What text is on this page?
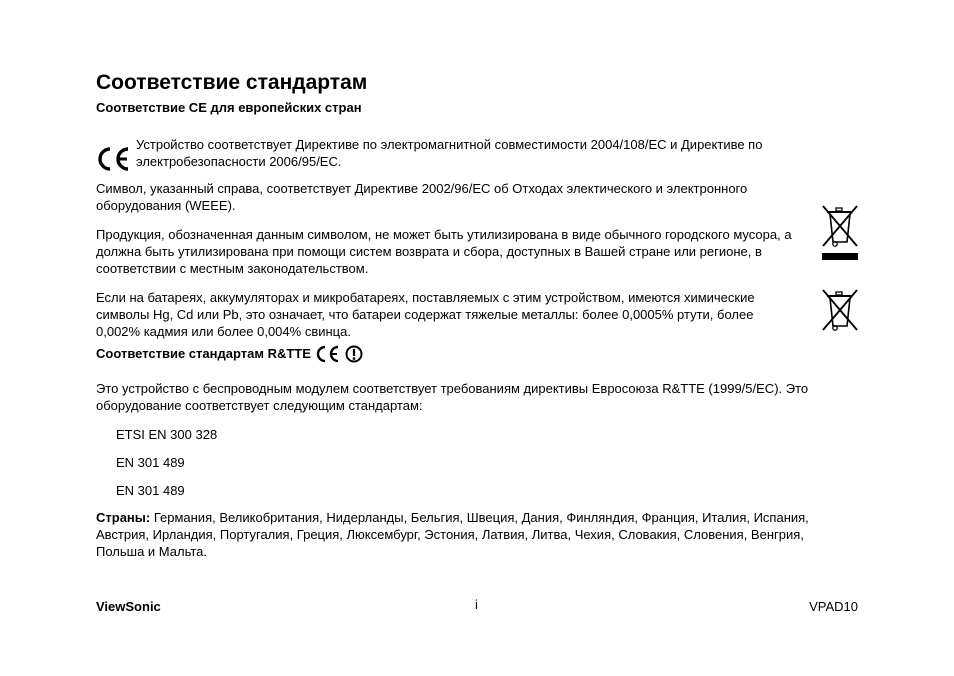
Соответствие стандартам
Соответствие CE для европейских стран

Устройство соответствует Директиве по электромагнитной совместимости 2004/108/EC и Директиве по электробезопасности 2006/95/EC.

Символ, указанный справа, соответствует Директиве 2002/96/EC об Отходах электического и электронного оборудования (WEEE).

Продукция, обозначенная данным символом, не может быть утилизирована в виде обычного городского мусора, а должна быть утилизирована при помощи систем возврата и сбора, доступных в Вашей стране или регионе, в соответствии с местным законодательством.

Если на батареях, аккумуляторах и микробатареях, поставляемых с этим устройством, имеются химические символы Hg, Cd или Pb, это означает, что батареи содержат тяжелые металлы: более 0,0005% ртути, более 0,002% кадмия или более 0,004% свинца.

Соответствие стандартам R&TTE

Это устройство с беспроводным модулем соответствует требованиям директивы Евросоюза R&TTE (1999/5/EC). Это оборудование соответствует следующим стандартам:

ETSI EN 300 328
EN 301 489
EN 301 489

Страны: Германия, Великобритания, Нидерланды, Бельгия, Швеция, Дания, Финляндия, Франция, Италия, Испания, Австрия, Ирландия, Португалия, Греция, Люксембург, Эстония, Латвия, Литва, Чехия, Словакия, Словения, Венгрия, Польша и Мальта.

ViewSonic	i	VPAD10
